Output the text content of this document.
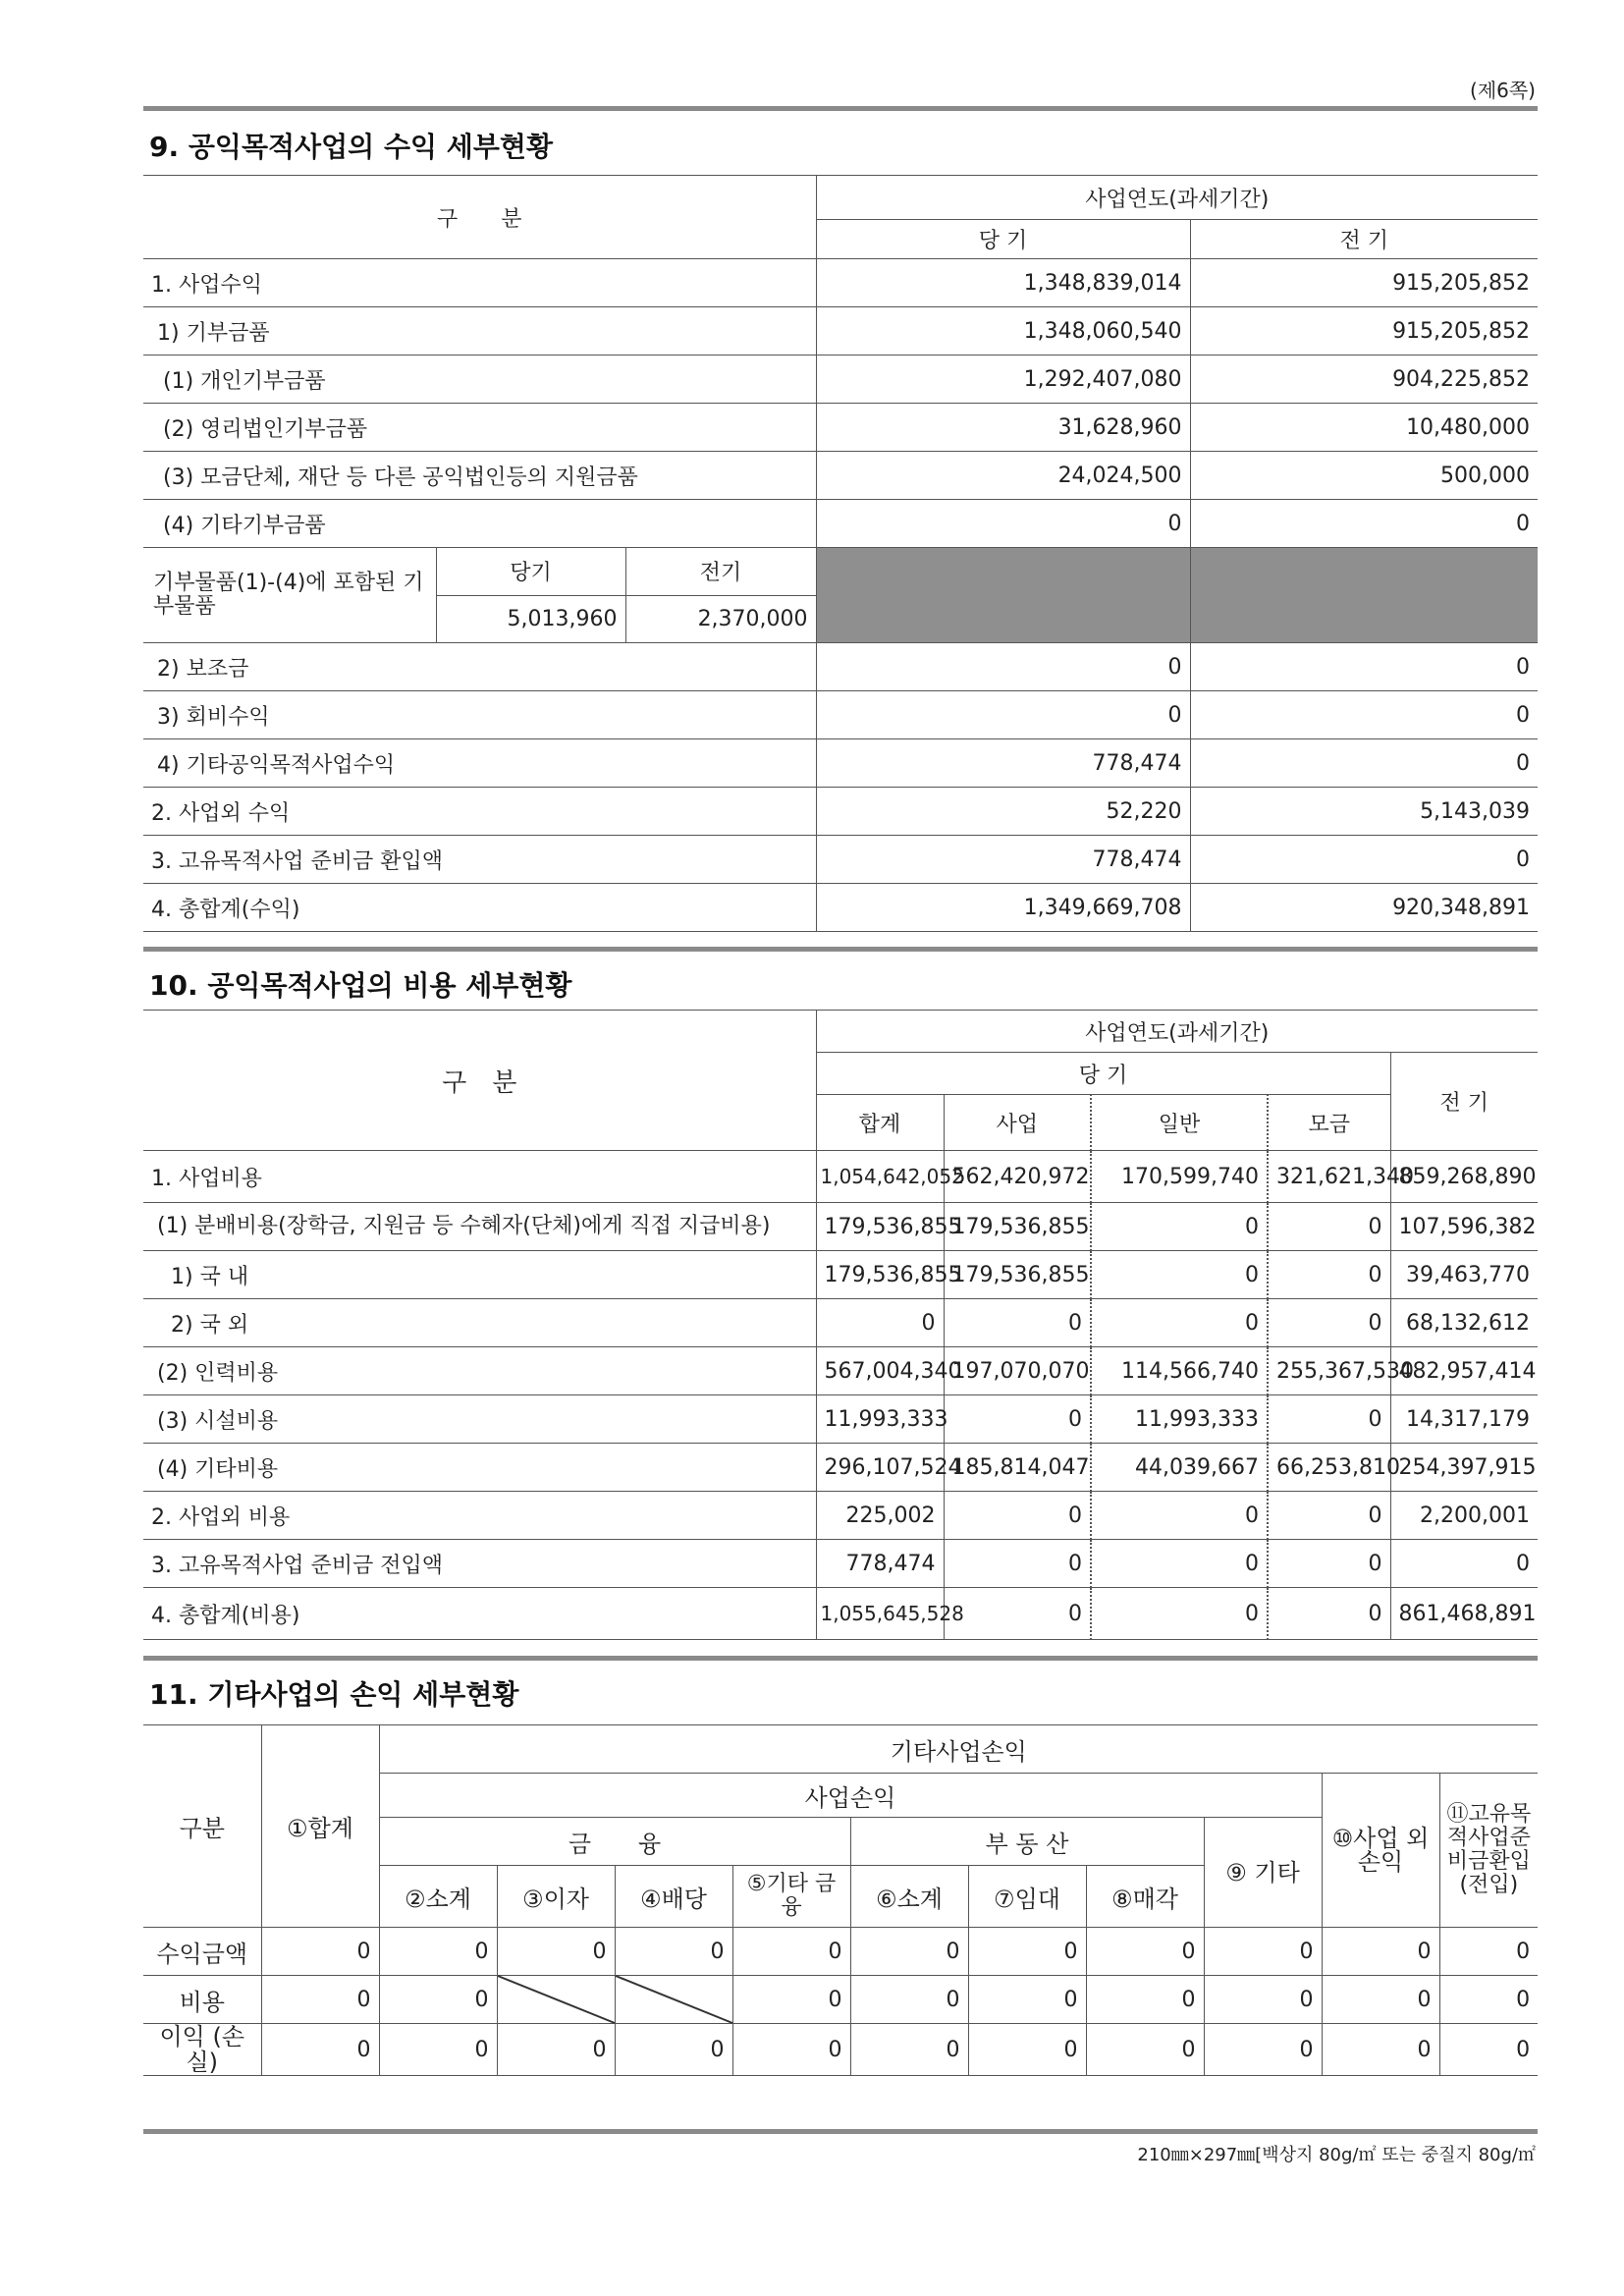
(제6쪽)
9. 공익목적사업의 수익 세부현황
구　　분			사업연도(과세기간)	
			당 기	전 기
1. 사업수익			1,348,839,014	915,205,852
1) 기부금품			1,348,060,540	915,205,852
(1) 개인기부금품			1,292,407,080	904,225,852
(2) 영리법인기부금품			31,628,960	10,480,000
(3) 모금단체, 재단 등 다른 공익법인등의 지원금품			24,024,500	500,000
(4) 기타기부금품			0	0
기부물품(1)-(4)에 포함된 기부물품	당기	전기		
	5,013,960	2,370,000		
2) 보조금			0	0
3) 회비수익			0	0
4) 기타공익목적사업수익			778,474	0
2. 사업외 수익			52,220	5,143,039
3. 고유목적사업 준비금 환입액			778,474	0
4. 총합계(수익)			1,349,669,708	920,348,891
10. 공익목적사업의 비용 세부현황
구　분	사업연도(과세기간)				
	당 기				전 기
	합계	사업	일반	모금	
1. 사업비용	1,054,642,052	562,420,972	170,599,740	321,621,340	859,268,890
(1) 분배비용(장학금, 지원금 등 수혜자(단체)에게 직접 지급비용)	179,536,855	179,536,855	0	0	107,596,382
1) 국 내	179,536,855	179,536,855	0	0	39,463,770
2) 국 외	0	0	0	0	68,132,612
(2) 인력비용	567,004,340	197,070,070	114,566,740	255,367,530	482,957,414
(3) 시설비용	11,993,333	0	11,993,333	0	14,317,179
(4) 기타비용	296,107,524	185,814,047	44,039,667	66,253,810	254,397,915
2. 사업외 비용	225,002	0	0	0	2,200,001
3. 고유목적사업 준비금 전입액	778,474	0	0	0	0
4. 총합계(비용)	1,055,645,528	0	0	0	861,468,891
11. 기타사업의 손익 세부현황
구분	①합계	기타사업손익									
		사업손익								⑩사업 외손익	⑪고유목적사업준비금환입(전입)
		금　　융				부 동 산			⑨ 기타		
		②소계	③이자	④배당	⑤기타 금융	⑥소계	⑦임대	⑧매각			
수익금액	0	0	0	0	0	0	0	0	0	0	0
비용	0	0			0	0	0	0	0	0	0
이익 (손실)	0	0	0	0	0	0	0	0	0	0	0
210㎜×297㎜[백상지 80g/㎡ 또는 중질지 80g/㎡
